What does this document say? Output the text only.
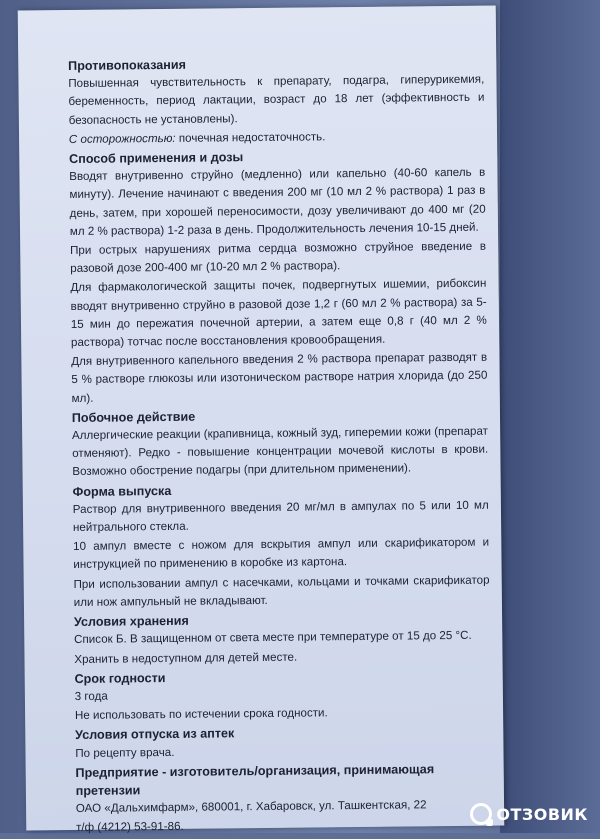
Противопоказания
Повышенная чувствительность к препарату, подагра, гиперурикемия, беременность, период лактации, возраст до 18 лет (эффективность и безопасность не установлены).
С осторожностью: почечная недостаточность.
Способ применения и дозы
Вводят внутривенно струйно (медленно) или капельно (40-60 капель в минуту). Лечение начинают с введения 200 мг (10 мл 2 % раствора) 1 раз в день, затем, при хорошей переносимости, дозу увеличивают до 400 мг (20 мл 2 % раствора) 1-2 раза в день. Продолжительность лечения 10-15 дней.
При острых нарушениях ритма сердца возможно струйное введение в разовой дозе 200-400 мг (10-20 мл 2 % раствора).
Для фармакологической защиты почек, подвергнутых ишемии, рибоксин вводят внутривенно струйно в разовой дозе 1,2 г (60 мл 2 % раствора) за 5-15 мин до пережатия почечной артерии, а затем еще 0,8 г (40 мл 2 % раствора) тотчас после восстановления кровообращения.
Для внутривенного капельного введения 2 % раствора препарат разводят в 5 % растворе глюкозы или изотоническом растворе натрия хлорида (до 250 мл).
Побочное действие
Аллергические реакции (крапивница, кожный зуд, гиперемии кожи (препарат отменяют). Редко - повышение концентрации мочевой кислоты в крови. Возможно обострение подагры (при длительном применении).
Форма выпуска
Раствор для внутривенного введения 20 мг/мл в ампулах по 5 или 10 мл нейтрального стекла.
10 ампул вместе с ножом для вскрытия ампул или скарификатором и инструкцией по применению в коробке из картона.
При использовании ампул с насечками, кольцами и точками скарификатор или нож ампульный не вкладывают.
Условия хранения
Список Б. В защищенном от света месте при температуре от 15 до 25 °С.
Хранить в недоступном для детей месте.
Срок годности
3 года
Не использовать по истечении срока годности.
Условия отпуска из аптек
По рецепту врача.
Предприятие - изготовитель/организация, принимающая претензии
ОАО «Дальхимфарм», 680001, г. Хабаровск, ул. Ташкентская, 22
т/ф (4212) 53-91-86.
ОТЗОВИК
